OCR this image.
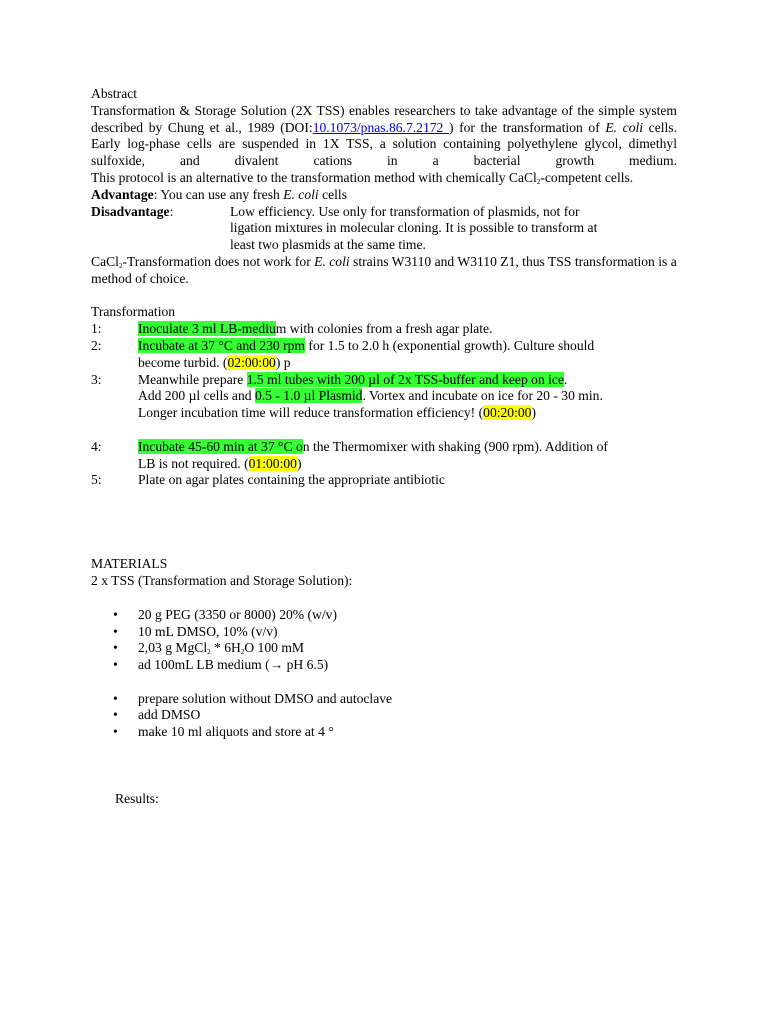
Abstract
Transformation & Storage Solution (2X TSS) enables researchers to take advantage of the simple system described by Chung et al., 1989 (DOI:10.1073/pnas.86.7.2172 ) for the transformation of E. coli cells. Early log-phase cells are suspended in 1X TSS, a solution containing polyethylene glycol, dimethyl sulfoxide, and divalent cations in a bacterial growth medium.
This protocol is an alternative to the transformation method with chemically CaCl$_2$-competent cells.
Advantage: You can use any fresh E. coli cells
Disadvantage:	Low efficiency. Use only for transformation of plasmids, not for
ligation mixtures in molecular cloning. It is possible to transform at
least two plasmids at the same time.
CaCl$_2$-Transformation does not work for E. coli strains W3110 and W3110 Z1, thus TSS transformation is a method of choice.
Transformation
1:	Inoculate 3 ml LB-medium with colonies from a fresh agar plate.
2:	Incubate at 37 °C and 230 rpm for 1.5 to 2.0 h (exponential growth). Culture should
become turbid. (02:00:00) p
3:	Meanwhile prepare 1.5 ml tubes with 200 µl of 2x TSS-buffer and keep on ice.
Add 200 µl cells and 0.5 - 1.0 µl Plasmid. Vortex and incubate on ice for 20 - 30 min.
Longer incubation time will reduce transformation efficiency! (00:20:00)
4:	Incubate 45-60 min at 37 °C on the Thermomixer with shaking (900 rpm). Addition of
LB is not required. (01:00:00)
5:	Plate on agar plates containing the appropriate antibiotic
MATERIALS
2 x TSS (Transformation and Storage Solution):
• 20 g PEG (3350 or 8000) 20% (w/v)
• 10 mL DMSO, 10% (v/v)
• 2,03 g MgCl$_2$ * $6H_2O$ 100 mM
• ad 100mL LB medium (→ pH 6.5)
• prepare solution without DMSO and autoclave
• add DMSO
• make 10 ml aliquots and store at 4 °
Results:
